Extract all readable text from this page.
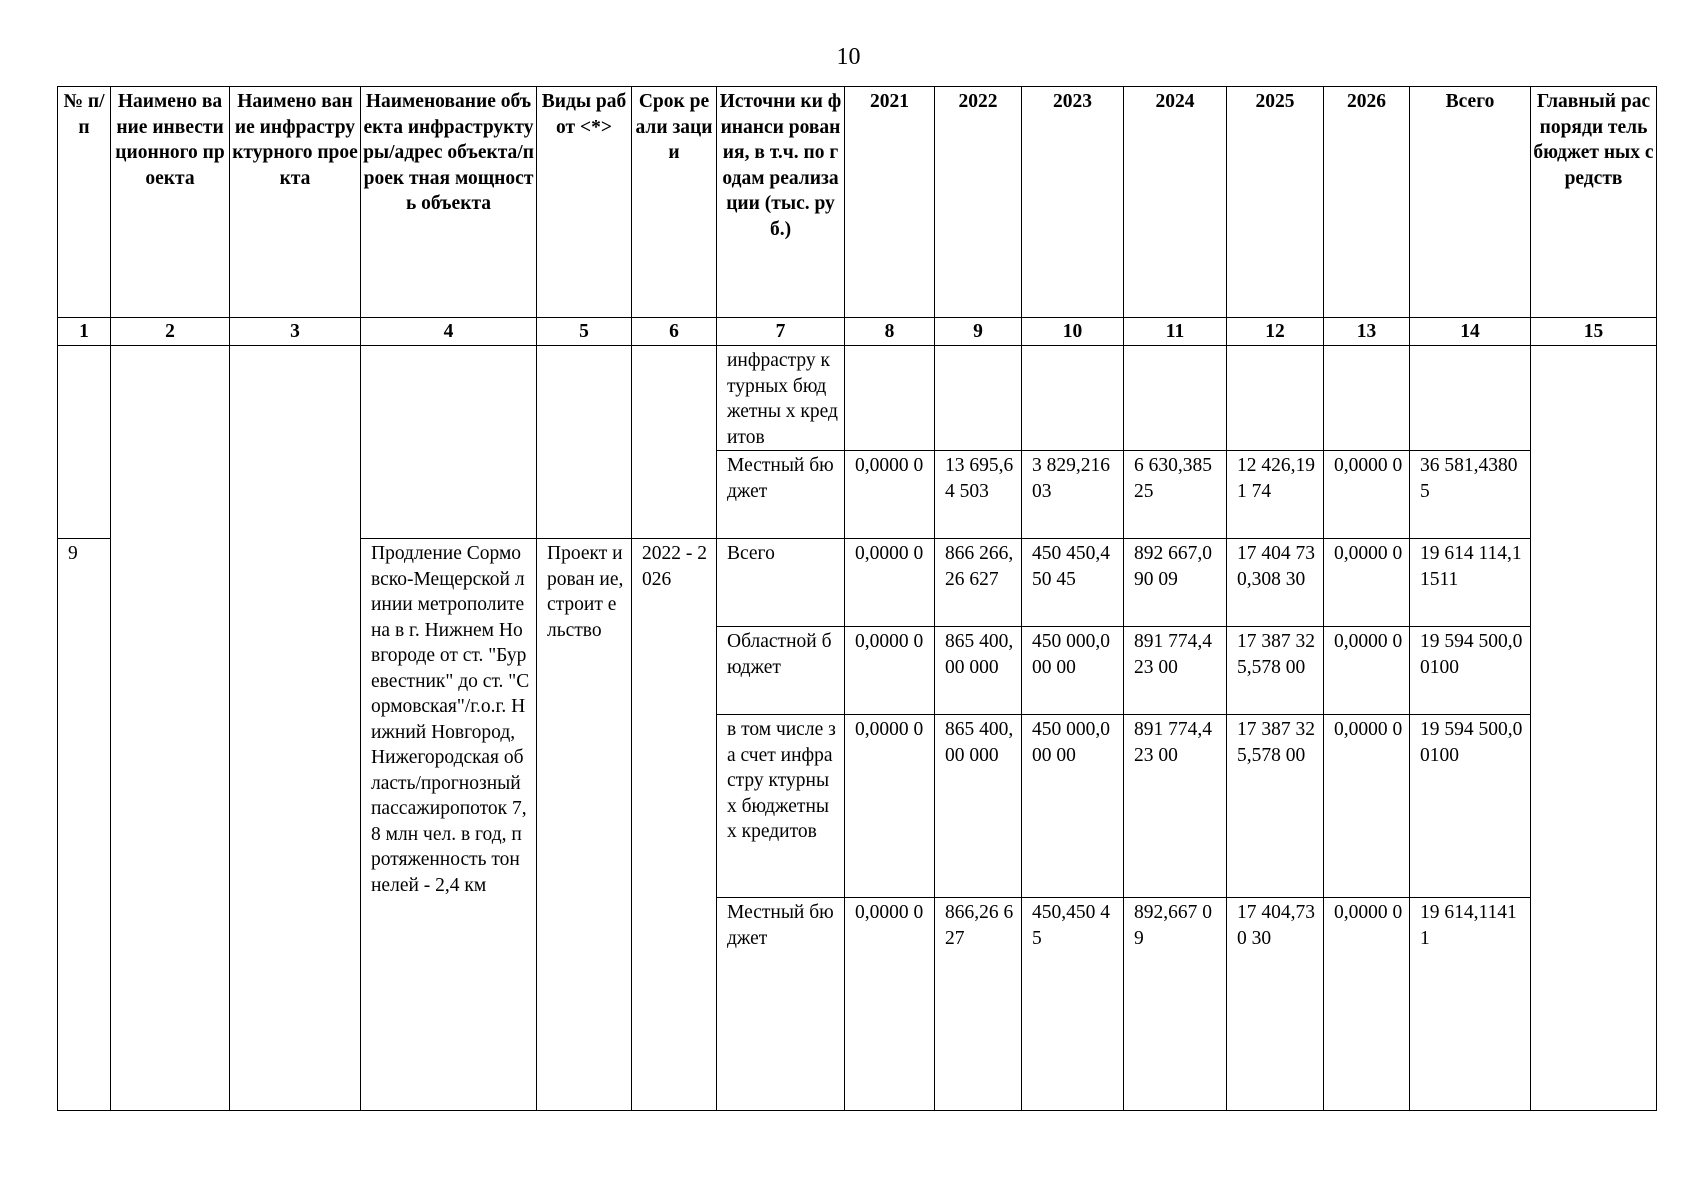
10
№ п/п	Наимено вание инвести ционного проекта	Наимено вание инфрастру ктурного проекта	Наименование объекта инфраструкту ры/адрес объекта/проек тная мощность объекта	Виды работ <*>	Срок реали зации	Источни ки финанси рования, в т.ч. по годам реализа ции (тыс. руб.)	2021	2022	2023	2024	2025	2026	Всего	Главный распоряди тель бюджет ных средств
1	2	3	4	5	6	7	8	9	10	11	12	13	14	15
						инфрастру ктурных бюджетны х кредитов								
						Местный бюджет	0,0000 0	13 695,64 503	3 829,216 03	6 630,385 25	12 426,191 74	0,0000 0	36 581,43805	
9			Продление Сормовско-Мещерской линии метрополитена в г. Нижнем Новгороде от ст. "Буревестник" до ст. "Сормовская"/г.о.г. Нижний Новгород, Нижегородская область/прогнозный пассажиропоток 7,8 млн чел. в год, протяженность тоннелей - 2,4 км	Проект ирован ие, строит ельство	2022 - 2026	Всего	0,0000 0	866 266,26 627	450 450,450 45	892 667,090 09	17 404 730,308 30	0,0000 0	19 614 114,11511	
						Областной бюджет	0,0000 0	865 400,00 000	450 000,000 00	891 774,423 00	17 387 325,578 00	0,0000 0	19 594 500,00100	
						в том числе за счет инфрастру ктурных бюджетны х кредитов	0,0000 0	865 400,00 000	450 000,000 00	891 774,423 00	17 387 325,578 00	0,0000 0	19 594 500,00100	
						Местный бюджет	0,0000 0	866,26 627	450,450 45	892,667 09	17 404,730 30	0,0000 0	19 614,11411	
